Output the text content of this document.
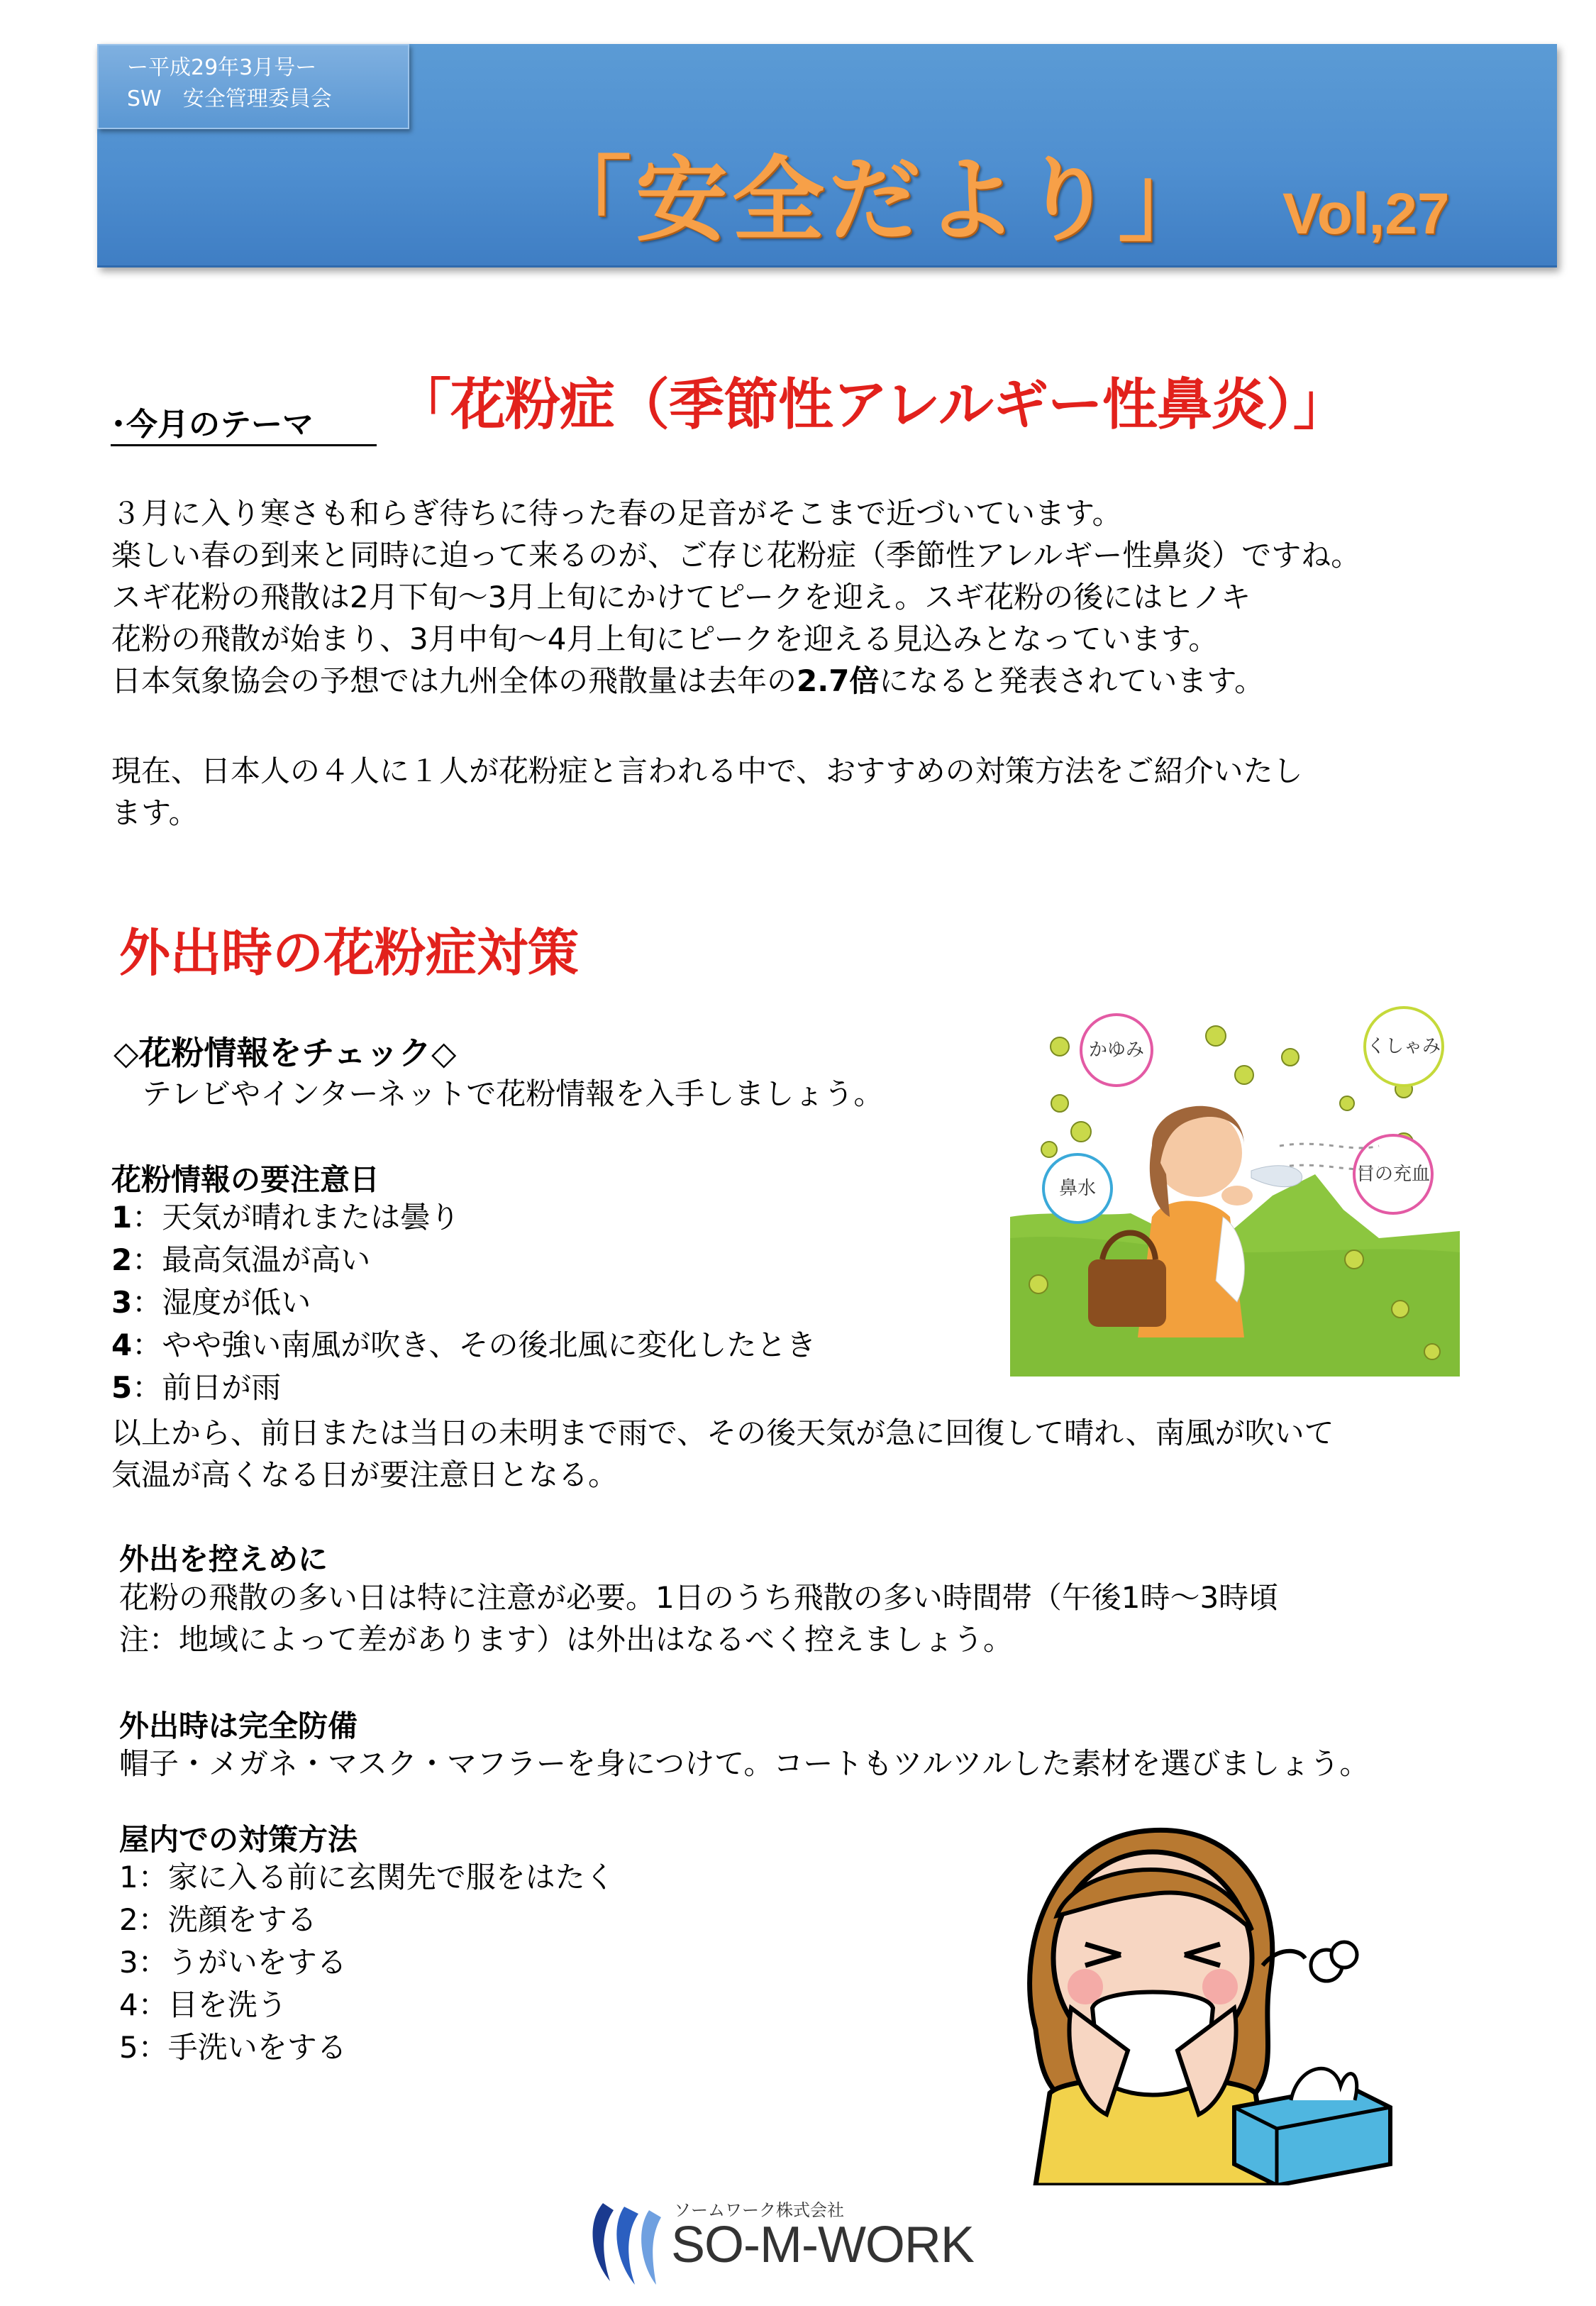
ー平成29年3月号ー
SW　安全管理委員会
「安全だより」 Vol,27
･今月のテーマ	「花粉症（季節性アレルギー性鼻炎）」
３月に入り寒さも和らぎ待ちに待った春の足音がそこまで近づいています。
楽しい春の到来と同時に迫って来るのが、ご存じ花粉症（季節性アレルギー性鼻炎）ですね。
スギ花粉の飛散は2月下旬～3月上旬にかけてピークを迎え。スギ花粉の後にはヒノキ
花粉の飛散が始まり、3月中旬～4月上旬にピークを迎える見込みとなっています。
日本気象協会の予想では九州全体の飛散量は去年の2.7倍になると発表されています。
現在、日本人の４人に１人が花粉症と言われる中で、おすすめの対策方法をご紹介いたし
ます。
外出時の花粉症対策
◇花粉情報をチェック◇
テレビやインターネットで花粉情報を入手しましょう。
花粉情報の要注意日
1：天気が晴れまたは曇り
2：最高気温が高い
3：湿度が低い
4：やや強い南風が吹き、その後北風に変化したとき
5：前日が雨
以上から、前日または当日の未明まで雨で、その後天気が急に回復して晴れ、南風が吹いて
気温が高くなる日が要注意日となる。
外出を控えめに
花粉の飛散の多い日は特に注意が必要。1日のうち飛散の多い時間帯（午後1時～3時頃
注：地域によって差があります）は外出はなるべく控えましょう。
外出時は完全防備
帽子・メガネ・マスク・マフラーを身につけて。コートもツルツルした素材を選びましょう。
屋内での対策方法
1：家に入る前に玄関先で服をはたく
2：洗顔をする
3：うがいをする
4：目を洗う
5：手洗いをする
かゆみ	くしゃみ
鼻水
目の充血
ソームワーク株式会社
SO-M-WORK
